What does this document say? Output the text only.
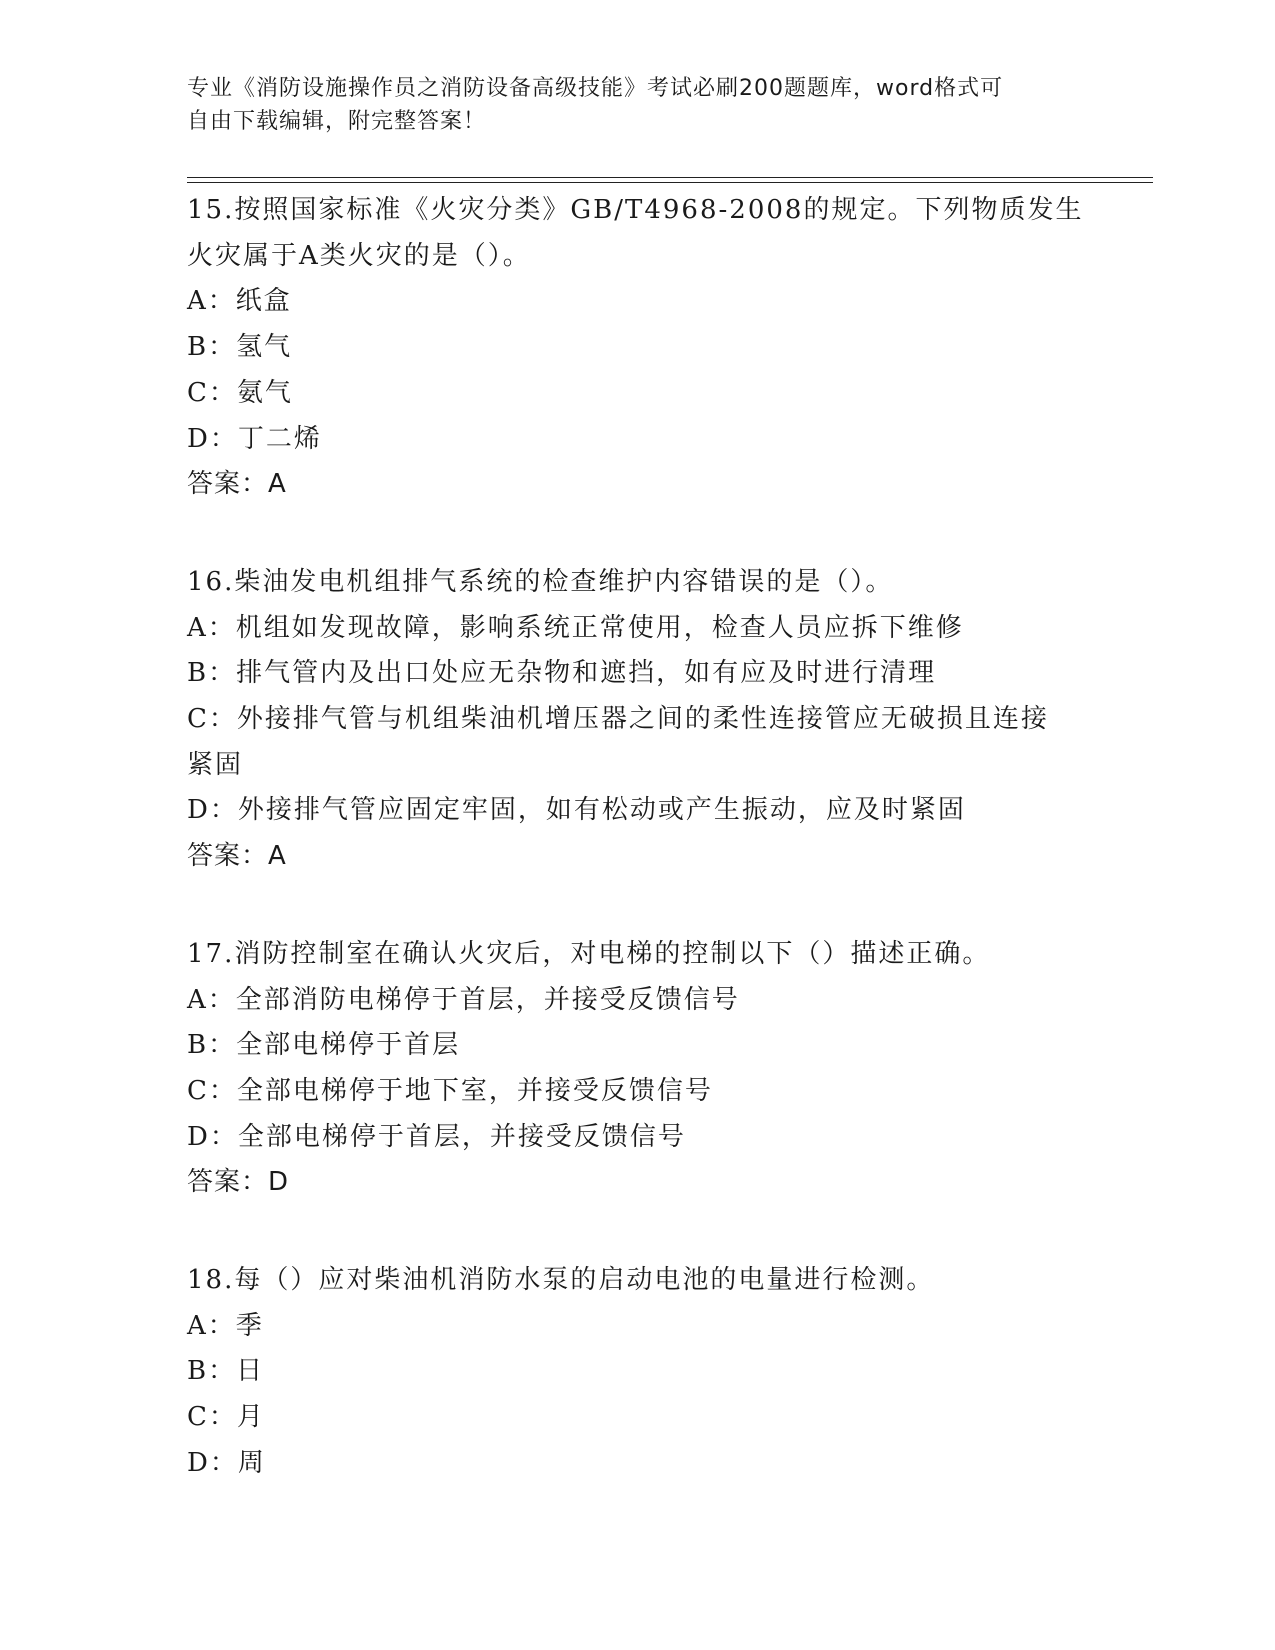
专业《消防设施操作员之消防设备高级技能》考试必刷200题题库，word格式可
自由下载编辑，附完整答案！
15.按照国家标准《火灾分类》GB/T4968-2008的规定。下列物质发生
火灾属于A类火灾的是（）。
A：纸盒
B：氢气
C：氨气
D：丁二烯
答案：A
16.柴油发电机组排气系统的检查维护内容错误的是（）。
A：机组如发现故障，影响系统正常使用，检查人员应拆下维修
B：排气管内及出口处应无杂物和遮挡，如有应及时进行清理
C：外接排气管与机组柴油机增压器之间的柔性连接管应无破损且连接
紧固
D：外接排气管应固定牢固，如有松动或产生振动，应及时紧固
答案：A
17.消防控制室在确认火灾后，对电梯的控制以下（）描述正确。
A：全部消防电梯停于首层，并接受反馈信号
B：全部电梯停于首层
C：全部电梯停于地下室，并接受反馈信号
D：全部电梯停于首层，并接受反馈信号
答案：D
18.每（）应对柴油机消防水泵的启动电池的电量进行检测。
A：季
B：日
C：月
D：周
